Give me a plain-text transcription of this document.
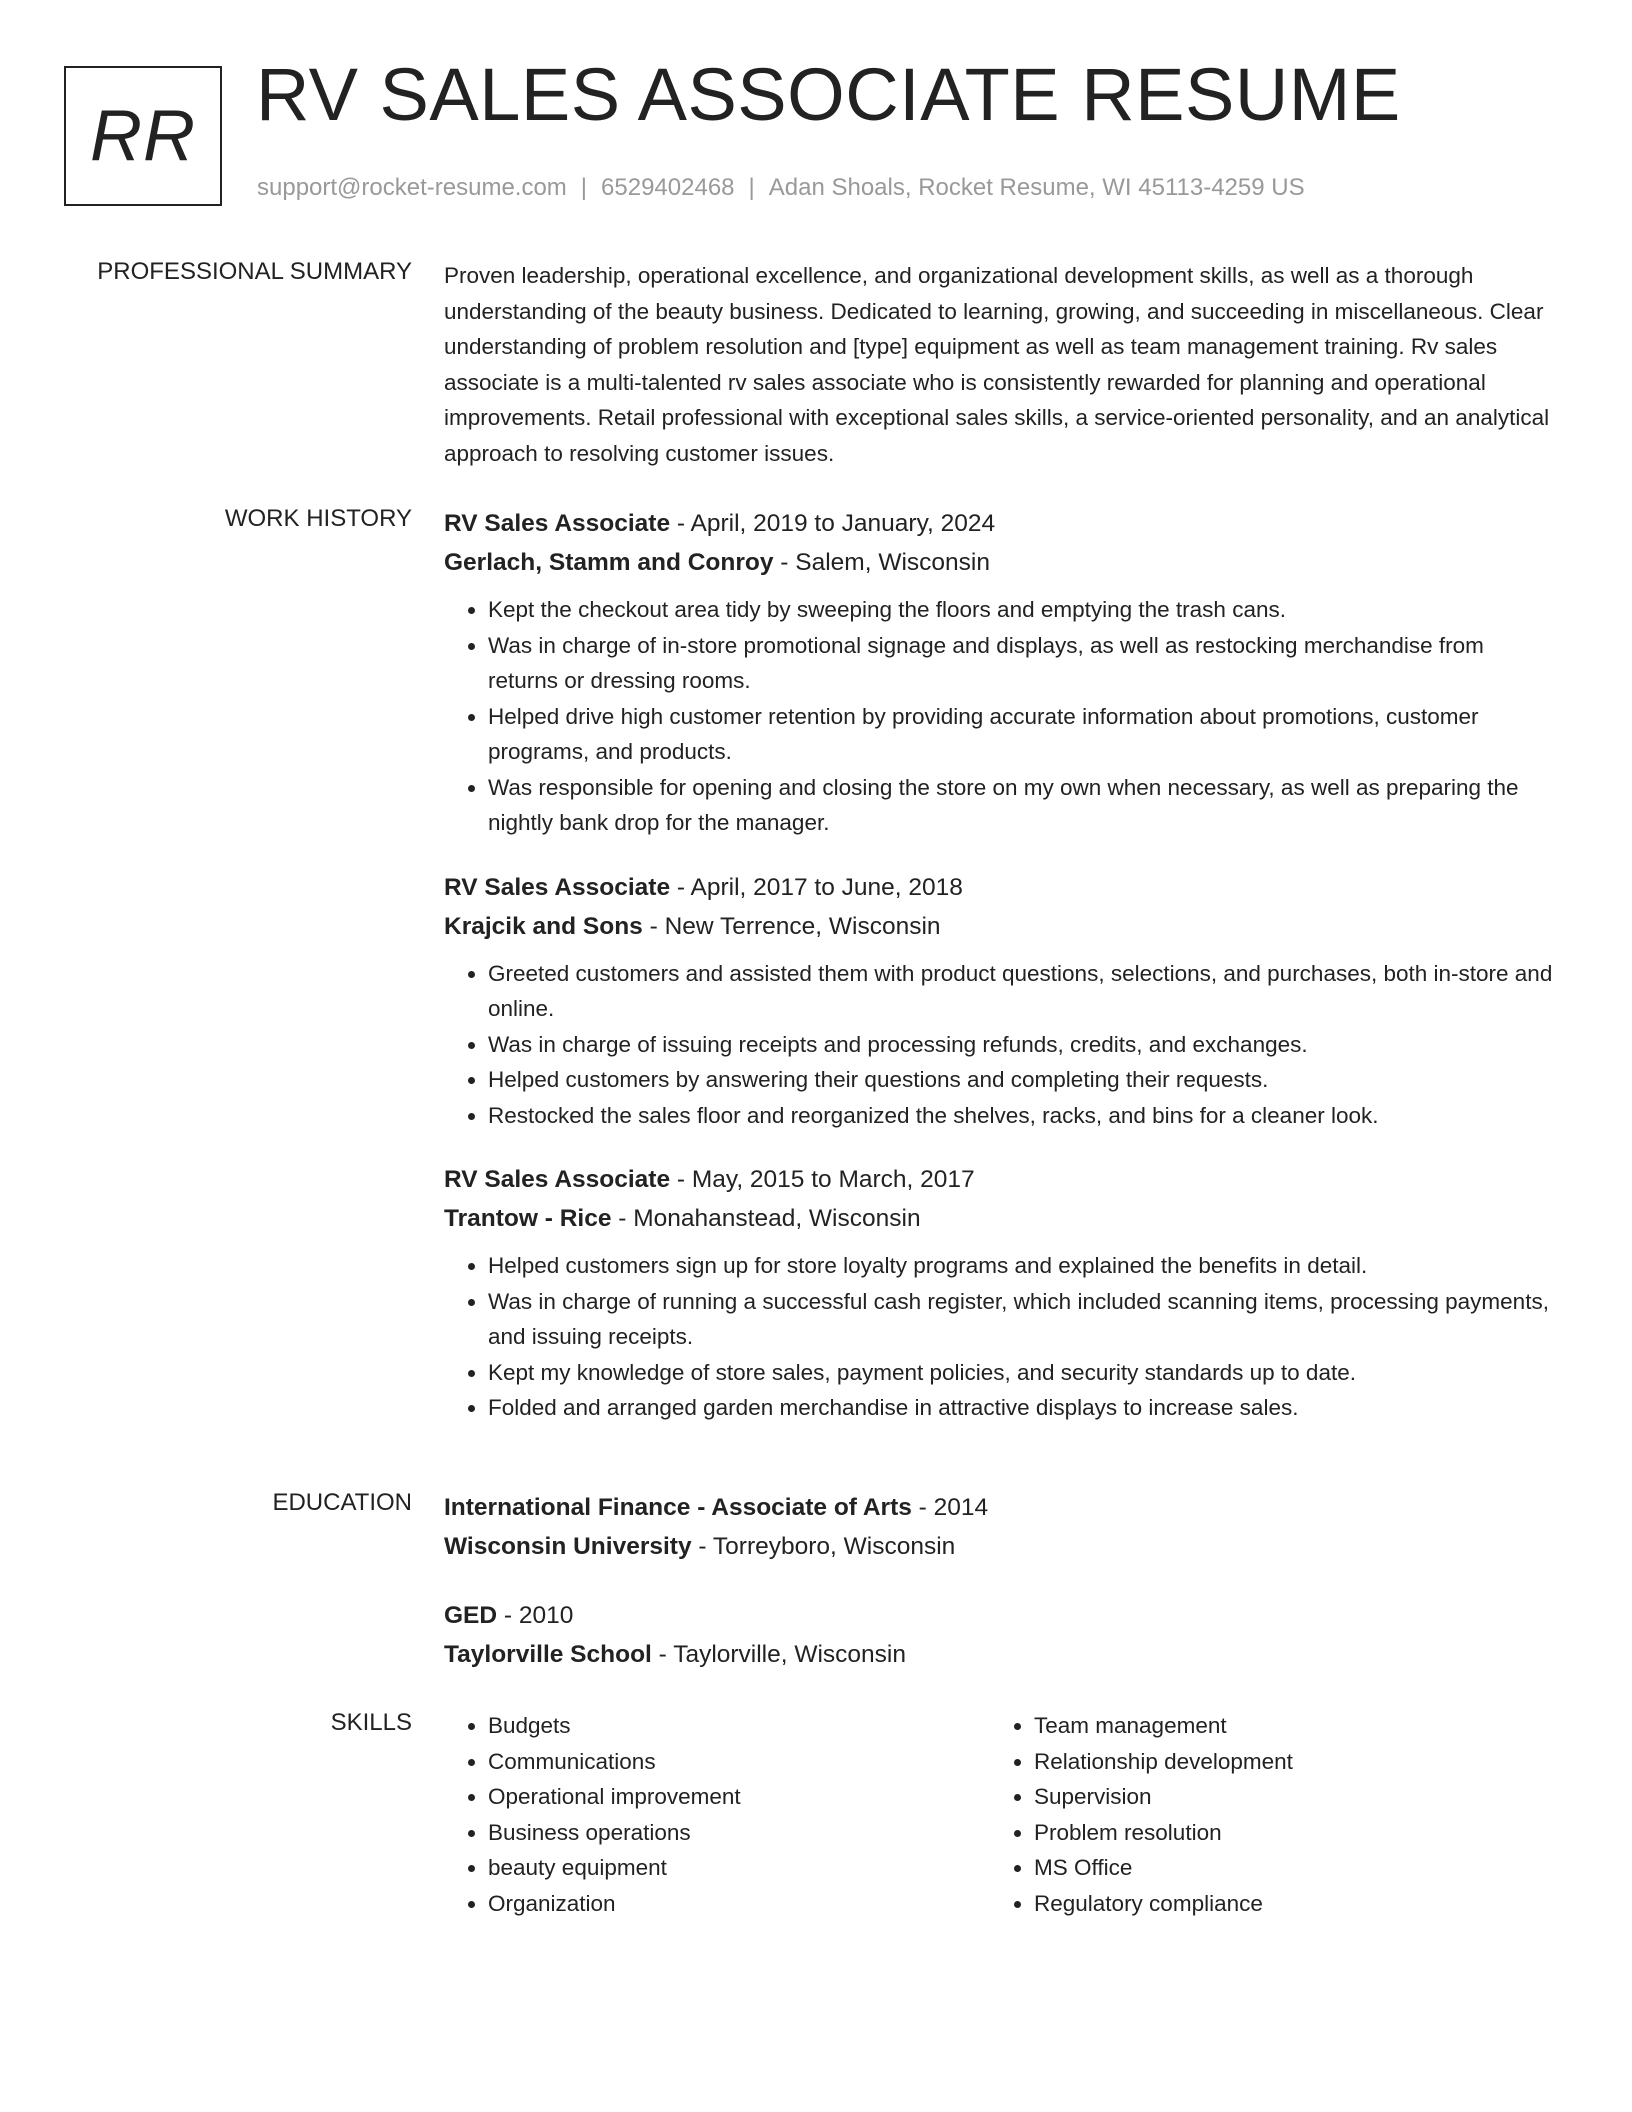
RR RV SALES ASSOCIATE RESUME
support@rocket-resume.com | 6529402468 | Adan Shoals, Rocket Resume, WI 45113-4259 US
PROFESSIONAL SUMMARY Proven leadership, operational excellence, and organizational development skills, as well as a thorough understanding of the beauty business. Dedicated to learning, growing, and succeeding in miscellaneous. Clear understanding of problem resolution and [type] equipment as well as team management training. Rv sales associate is a multi-talented rv sales associate who is consistently rewarded for planning and operational improvements. Retail professional with exceptional sales skills, a service-oriented personality, and an analytical approach to resolving customer issues.

WORK HISTORY RV Sales Associate - April, 2019 to January, 2024
Gerlach, Stamm and Conroy - Salem, Wisconsin
• Kept the checkout area tidy by sweeping the floors and emptying the trash cans.
• Was in charge of in-store promotional signage and displays, as well as restocking merchandise from returns or dressing rooms.
• Helped drive high customer retention by providing accurate information about promotions, customer programs, and products.
• Was responsible for opening and closing the store on my own when necessary, as well as preparing the nightly bank drop for the manager.
RV Sales Associate - April, 2017 to June, 2018
Krajcik and Sons - New Terrence, Wisconsin
• Greeted customers and assisted them with product questions, selections, and purchases, both in-store and online.
• Was in charge of issuing receipts and processing refunds, credits, and exchanges.
• Helped customers by answering their questions and completing their requests.
• Restocked the sales floor and reorganized the shelves, racks, and bins for a cleaner look.
RV Sales Associate - May, 2015 to March, 2017
Trantow - Rice - Monahanstead, Wisconsin
• Helped customers sign up for store loyalty programs and explained the benefits in detail.
• Was in charge of running a successful cash register, which included scanning items, processing payments, and issuing receipts.
• Kept my knowledge of store sales, payment policies, and security standards up to date.
• Folded and arranged garden merchandise in attractive displays to increase sales.
EDUCATION International Finance - Associate of Arts - 2014
Wisconsin University - Torreyboro, Wisconsin
GED - 2010
Taylorville School - Taylorville, Wisconsin
SKILLS
•	Budgets
• Communications
• Operational improvement
• Business operations
• beauty equipment
• Organization
• Team management
• Relationship development
• Supervision
• Problem resolution
• MS Office
• Regulatory compliance
